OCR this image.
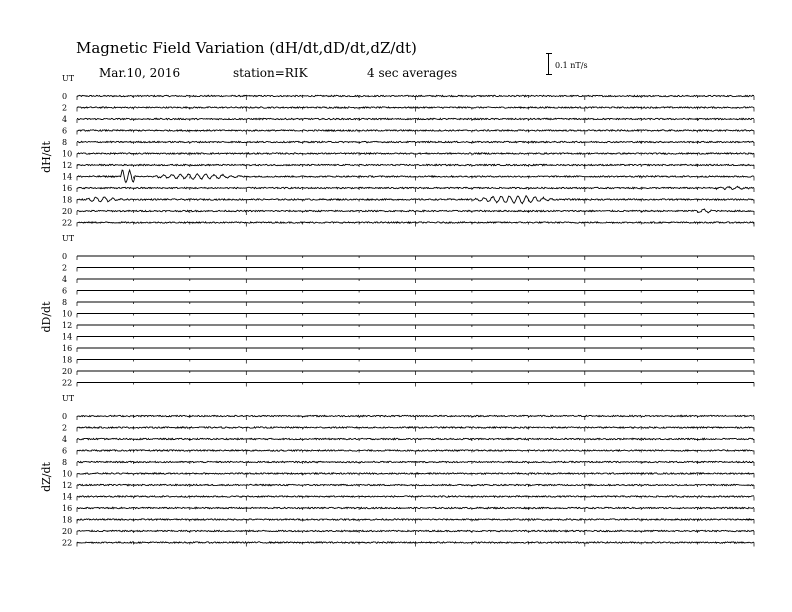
Magnetic Field Variation (dH/dt,dD/dt,dZ/dt)
Mar.10, 2016	station=RIK	4 sec averages
0.1 nT/s
UT
dH/dt
0
2
4
6
8
10
12
14
16
18
20
22
UT
dD/dt
0
2
4
6
8
10
12
14
16
18
20
22
UT
dZ/dt
0
2
4
6
8
10
12
14
16
18
20
22
